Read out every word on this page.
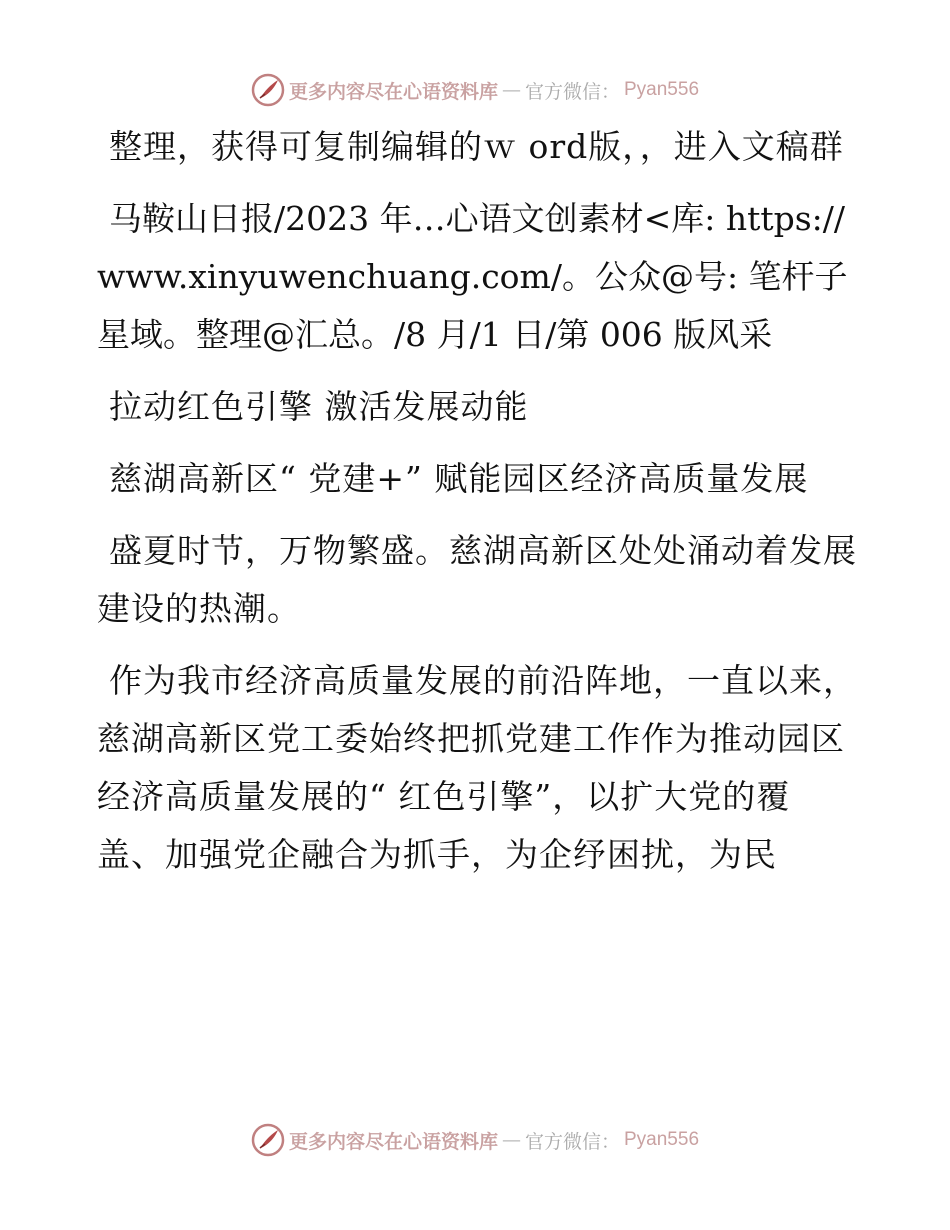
更多内容尽在心语资料库 — 官方微信： Pyan556

整理，获得可复制编辑的ｗ ord版，，进入文稿群

马鞍山日报/2023 年…心语文创素材<库: https://www.xinyuwenchuang.com/。公众@号: 笔杆子星域。整理@汇总。/8 月/1 日/第 006 版风采

拉动红色引擎 激活发展动能

慈湖高新区“ 党建+” 赋能园区经济高质量发展

盛夏时节，万物繁盛。慈湖高新区处处涌动着发展建设的热潮。

作为我市经济高质量发展的前沿阵地，一直以来，慈湖高新区党工委始终把抓党建工作作为推动园区经济高质量发展的“ 红色引擎”，以扩大党的覆盖、加强党企融合为抓手，为企纾困扰，为民

更多内容尽在心语资料库 — 官方微信： Pyan556
